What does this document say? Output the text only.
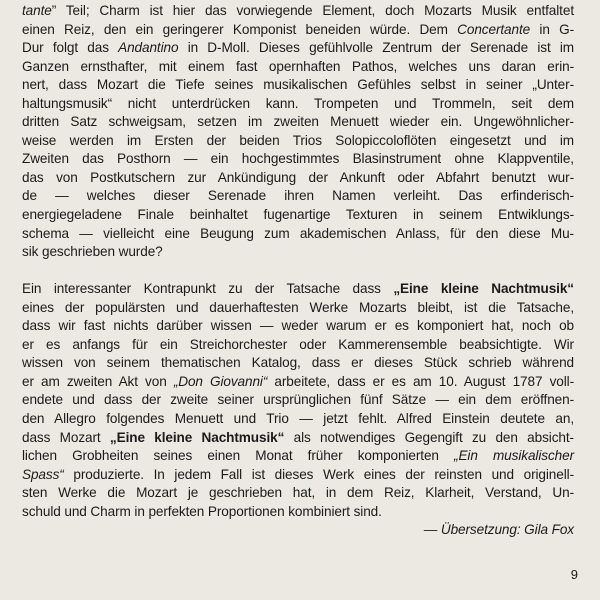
tante” Teil; Charm ist hier das vorwiegende Element, doch Mozarts Musik entfaltet
einen Reiz, den ein geringerer Komponist beneiden würde. Dem Concertante in G-
Dur folgt das Andantino in D-Moll. Dieses gefühlvolle Zentrum der Serenade ist im
Ganzen ernsthafter, mit einem fast opernhaften Pathos, welches uns daran erin-
nert, dass Mozart die Tiefe seines musikalischen Gefühles selbst in seiner „Unter-
haltungsmusik“ nicht unterdrücken kann. Trompeten und Trommeln, seit dem
dritten Satz schweigsam, setzen im zweiten Menuett wieder ein. Ungewöhnlicher-
weise werden im Ersten der beiden Trios Solopiccoloflöten eingesetzt und im
Zweiten das Posthorn — ein hochgestimmtes Blasinstrument ohne Klappventile,
das von Postkutschern zur Ankündigung der Ankunft oder Abfahrt benutzt wur-
de — welches dieser Serenade ihren Namen verleiht. Das erfinderisch-
energiegeladene Finale beinhaltet fugenartige Texturen in seinem Entwiklungs-
schema — vielleicht eine Beugung zum akademischen Anlass, für den diese Mu-
sik geschrieben wurde?
Ein interessanter Kontrapunkt zu der Tatsache dass „Eine kleine Nachtmusik“
eines der populärsten und dauerhaftesten Werke Mozarts bleibt, ist die Tatsache,
dass wir fast nichts darüber wissen — weder warum er es komponiert hat, noch ob
er es anfangs für ein Streichorchester oder Kammerensemble beabsichtigte. Wir
wissen von seinem thematischen Katalog, dass er dieses Stück schrieb während
er am zweiten Akt von „Don Giovanni“ arbeitete, dass er es am 10. August 1787 voll-
endete und dass der zweite seiner ursprünglichen fünf Sätze — ein dem eröffnen-
den Allegro folgendes Menuett und Trio — jetzt fehlt. Alfred Einstein deutete an,
dass Mozart „Eine kleine Nachtmusik“ als notwendiges Gegengift zu den absicht-
lichen Grobheiten seines einen Monat früher komponierten „Ein musikalischer
Spass“ produzierte. In jedem Fall ist dieses Werk eines der reinsten und originell-
sten Werke die Mozart je geschrieben hat, in dem Reiz, Klarheit, Verstand, Un-
schuld und Charm in perfekten Proportionen kombiniert sind.
— Übersetzung: Gila Fox
9
